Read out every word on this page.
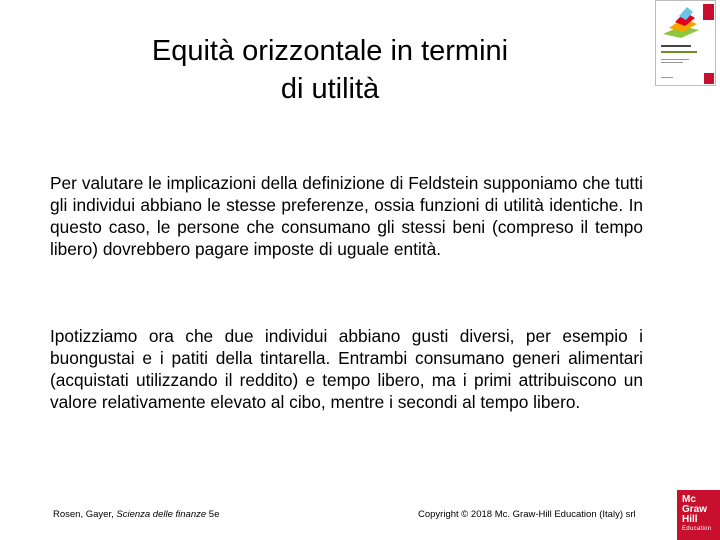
Equità orizzontale in termini
di utilità

Per valutare le implicazioni della definizione di Feldstein supponiamo che tutti gli individui abbiano le stesse preferenze, ossia funzioni di utilità identiche. In questo caso, le persone che consumano gli stessi beni (compreso il tempo libero) dovrebbero pagare imposte di uguale entità.

Ipotizziamo ora che due individui abbiano gusti diversi, per esempio i buongustai e i patiti della tintarella. Entrambi consumano generi alimentari (acquistati utilizzando il reddito) e tempo libero, ma i primi attribuiscono un valore relativamente elevato al cibo, mentre i secondi al tempo libero.

Rosen, Gayer, Scienza delle finanze 5e	Copyright © 2018 Mc. Graw-Hill Education (Italy) srl
Mc
Graw
Hill
Education
